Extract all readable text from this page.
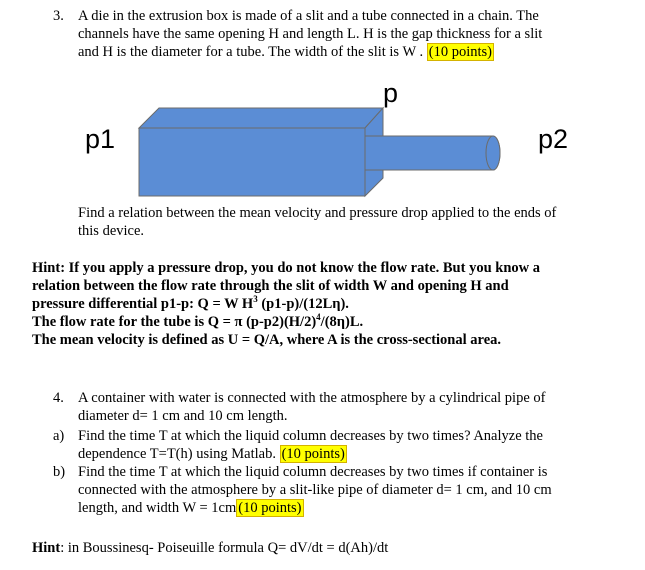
3. A die in the extrusion box is made of a slit and a tube connected in a chain. The
channels have the same opening H and length L. H is the gap thickness for a slit
and H is the diameter for a tube. The width of the slit is W . (10 points)
p
p1	p2
Find a relation between the mean velocity and pressure drop applied to the ends of
this device.
Hint: If you apply a pressure drop, you do not know the flow rate. But you know a
relation between the flow rate through the slit of width W and opening H and
pressure differential p1-p: Q = W $H^3$ (p1-p)/(12Lη).
The flow rate for the tube is Q = π $(p-p2)(H/2)^4/(8\eta)L$.
The mean velocity is defined as U = Q/A, where A is the cross-sectional area.
4. A container with water is connected with the atmosphere by a cylindrical pipe of
diameter d= 1 cm and 10 cm length.
a) Find the time T at which the liquid column decreases by two times? Analyze the
dependence T=T(h) using Matlab. (10 points)
b) Find the time T at which the liquid column decreases by two times if container is
connected with the atmosphere by a slit-like pipe of diameter d= 1 cm, and 10 cm
length, and width W = 1cm (10 points)
Hint: in Boussinesq- Poiseuille formula Q= dV/dt = d(Ah)/dt
